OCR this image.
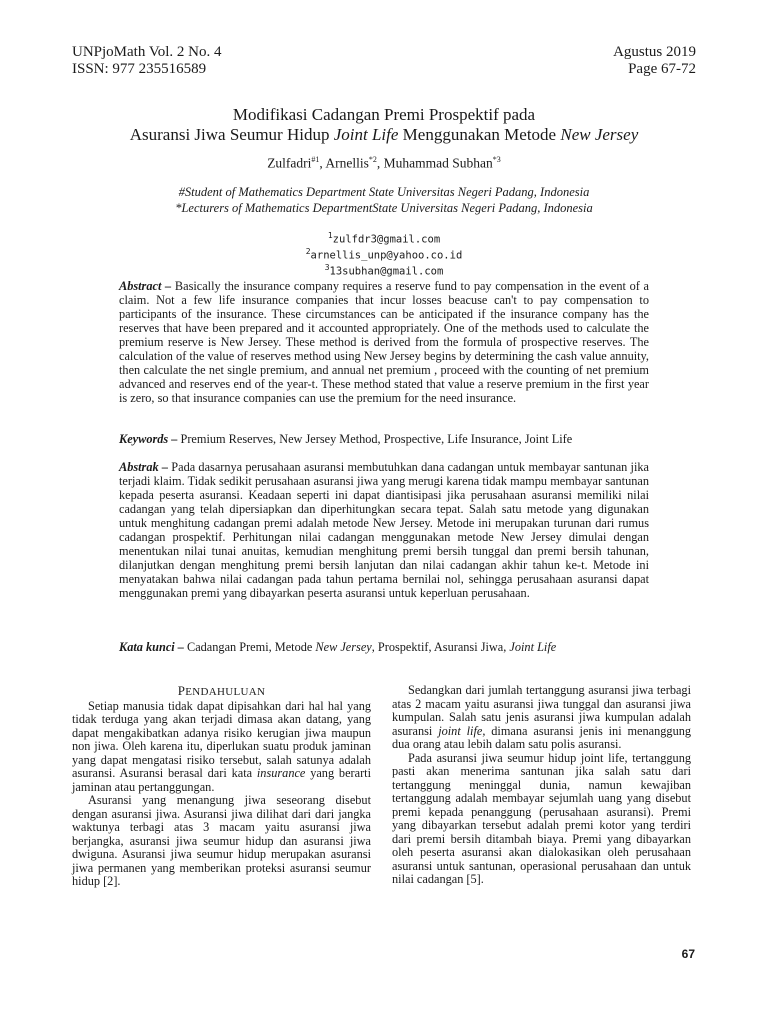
UNPjoMath Vol. 2 No. 4
ISSN: 977 235516589
Agustus 2019
Page 67-72
Modifikasi Cadangan Premi Prospektif pada
Asuransi Jiwa Seumur Hidup Joint Life Menggunakan Metode New Jersey
Zulfadri$^{\#1}$, Arnellis$^{*2}$, Muhammad Subhan$^{*3}$
#Student of Mathematics Department State Universitas Negeri Padang, Indonesia
*Lecturers of Mathematics DepartmentState Universitas Negeri Padang, Indonesia
$^1$zulfdr3@gmail.com
$^2$arnellis_unp@yahoo.co.id
$^3$13subhan@gmail.com
Abstract – Basically the insurance company requires a reserve fund to pay compensation in the event of a claim. Not a few life insurance companies that incur losses beacuse can't to pay compensation to participants of the insurance. These circumstances can be anticipated if the insurance company has the reserves that have been prepared and it accounted appropriately. One of the methods used to calculate the premium reserve is New Jersey. These method is derived from the formula of prospective reserves. The calculation of the value of reserves method using New Jersey begins by determining the cash value annuity, then calculate the net single premium, and annual net premium , proceed with the counting of net premium advanced and reserves end of the year-t. These method stated that value a reserve premium in the first year is zero, so that insurance companies can use the premium for the need insurance.
Keywords – Premium Reserves, New Jersey Method, Prospective, Life Insurance, Joint Life
Abstrak – Pada dasarnya perusahaan asuransi membutuhkan dana cadangan untuk membayar santunan jika terjadi klaim. Tidak sedikit perusahaan asuransi jiwa yang merugi karena tidak mampu membayar santunan kepada peserta asuransi. Keadaan seperti ini dapat diantisipasi jika perusahaan asuransi memiliki nilai cadangan yang telah dipersiapkan dan diperhitungkan secara tepat. Salah satu metode yang digunakan untuk menghitung cadangan premi adalah metode New Jersey. Metode ini merupakan turunan dari rumus cadangan prospektif. Perhitungan nilai cadangan menggunakan metode New Jersey dimulai dengan menentukan nilai tunai anuitas, kemudian menghitung premi bersih tunggal dan premi bersih tahunan, dilanjutkan dengan menghitung premi bersih lanjutan dan nilai cadangan akhir tahun ke-t. Metode ini menyatakan bahwa nilai cadangan pada tahun pertama bernilai nol, sehingga perusahaan asuransi dapat menggunakan premi yang dibayarkan peserta asuransi untuk keperluan perusahaan.
Kata kunci – Cadangan Premi, Metode New Jersey, Prospektif, Asuransi Jiwa, Joint Life

PENDAHULUAN

Setiap manusia tidak dapat dipisahkan dari hal hal yang tidak terduga yang akan terjadi dimasa akan datang, yang dapat mengakibatkan adanya risiko kerugian jiwa maupun non jiwa. Oleh karena itu, diperlukan suatu produk jaminan yang dapat mengatasi risiko tersebut, salah satunya adalah asuransi. Asuransi berasal dari kata insurance yang berarti jaminan atau pertanggungan.

Asuransi yang menangung jiwa seseorang disebut dengan asuransi jiwa. Asuransi jiwa dilihat dari dari jangka waktunya terbagi atas 3 macam yaitu asuransi jiwa berjangka, asuransi jiwa seumur hidup dan asuransi jiwa dwiguna. Asuransi jiwa seumur hidup merupakan asuransi jiwa permanen yang memberikan proteksi asuransi seumur hidup [2].

Sedangkan dari jumlah tertanggung asuransi jiwa terbagi atas 2 macam yaitu asuransi jiwa tunggal dan asuransi jiwa kumpulan. Salah satu jenis asuransi jiwa kumpulan adalah asuransi joint life, dimana asuransi jenis ini menanggung dua orang atau lebih dalam satu polis asuransi.

Pada asuransi jiwa seumur hidup joint life, tertanggung pasti akan menerima santunan jika salah satu dari tertanggung meninggal dunia, namun kewajiban tertanggung adalah membayar sejumlah uang yang disebut premi kepada penanggung (perusahaan asuransi). Premi yang dibayarkan tersebut adalah premi kotor yang terdiri dari premi bersih ditambah biaya. Premi yang dibayarkan oleh peserta asuransi akan dialokasikan oleh perusahaan asuransi untuk santunan, operasional perusahaan dan untuk nilai cadangan [5].

67
